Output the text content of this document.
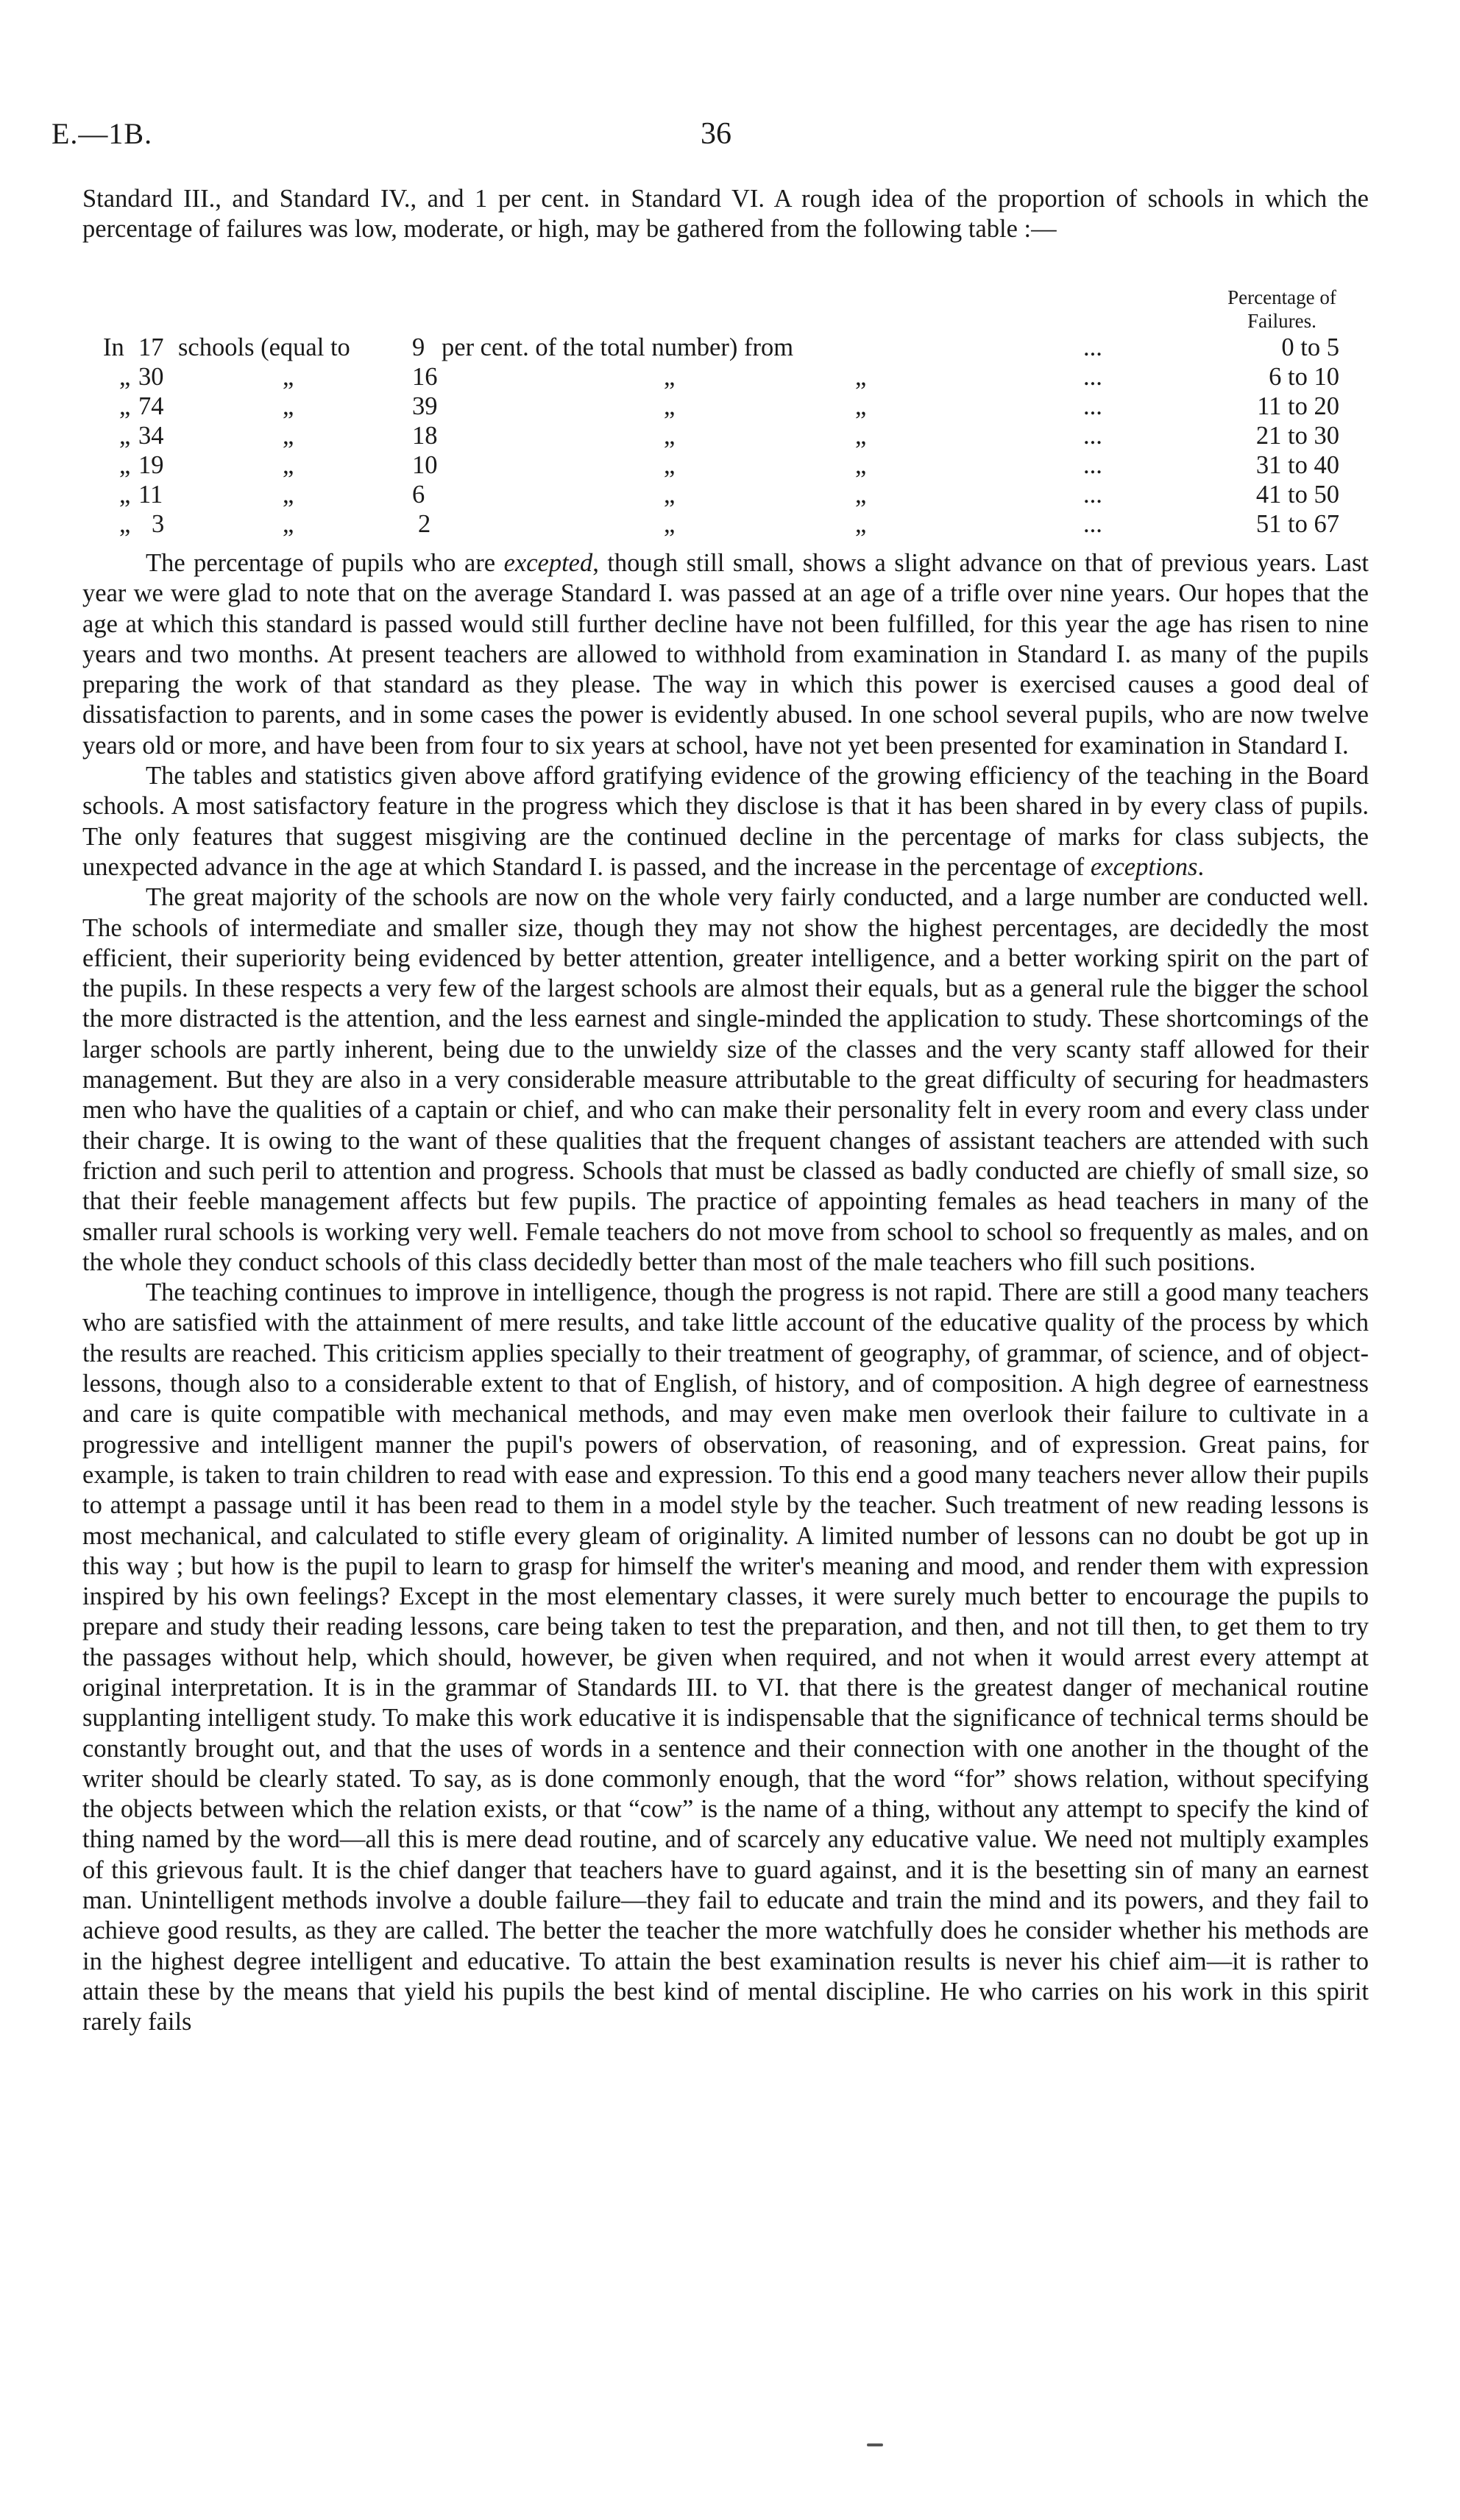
E.—1B.	36

Standard III., and Standard IV., and 1 per cent. in Standard VI. A rough idea of the proportion of schools in which the percentage of failures was low, moderate, or high, may be gathered from the following table :—

Percentage of Failures.
In 17 schools (equal to 9 per cent. of the total number) from	...	0 to 5
„ 30	„	16	„	„	...	6 to 10
„ 74	„	39	„	„	...	11 to 20
„ 34	„	18	„	„	...	21 to 30
„ 19	„	10	„	„	...	31 to 40
„ 11	„	6	„	„	...	41 to 50
„ 3	„	2	„	„	...	51 to 67

The percentage of pupils who are excepted, though still small, shows a slight advance on that of previous years. Last year we were glad to note that on the average Standard I. was passed at an age of a trifle over nine years. Our hopes that the age at which this standard is passed would still further decline have not been fulfilled, for this year the age has risen to nine years and two months. At present teachers are allowed to withhold from examination in Standard I. as many of the pupils preparing the work of that standard as they please. The way in which this power is exercised causes a good deal of dissatisfaction to parents, and in some cases the power is evidently abused. In one school several pupils, who are now twelve years old or more, and have been from four to six years at school, have not yet been presented for examination in Standard I.

The tables and statistics given above afford gratifying evidence of the growing efficiency of the teaching in the Board schools. A most satisfactory feature in the progress which they disclose is that it has been shared in by every class of pupils. The only features that suggest misgiving are the continued decline in the percentage of marks for class subjects, the unexpected advance in the age at which Standard I. is passed, and the increase in the percentage of exceptions.

The great majority of the schools are now on the whole very fairly conducted, and a large number are conducted well. The schools of intermediate and smaller size, though they may not show the highest percentages, are decidedly the most efficient, their superiority being evidenced by better attention, greater intelligence, and a better working spirit on the part of the pupils. In these respects a very few of the largest schools are almost their equals, but as a general rule the bigger the school the more distracted is the attention, and the less earnest and single-minded the application to study. These shortcomings of the larger schools are partly inherent, being due to the unwieldy size of the classes and the very scanty staff allowed for their management. But they are also in a very considerable measure attributable to the great difficulty of securing for headmasters men who have the qualities of a captain or chief, and who can make their personality felt in every room and every class under their charge. It is owing to the want of these qualities that the frequent changes of assistant teachers are attended with such friction and such peril to attention and progress. Schools that must be classed as badly conducted are chiefly of small size, so that their feeble management affects but few pupils. The practice of appointing females as head teachers in many of the smaller rural schools is working very well. Female teachers do not move from school to school so frequently as males, and on the whole they conduct schools of this class decidedly better than most of the male teachers who fill such positions.

The teaching continues to improve in intelligence, though the progress is not rapid. There are still a good many teachers who are satisfied with the attainment of mere results, and take little account of the educative quality of the process by which the results are reached. This criticism applies specially to their treatment of geography, of grammar, of science, and of object-lessons, though also to a considerable extent to that of English, of history, and of composition. A high degree of earnestness and care is quite compatible with mechanical methods, and may even make men overlook their failure to cultivate in a progressive and intelligent manner the pupil's powers of observation, of reasoning, and of expression. Great pains, for example, is taken to train children to read with ease and expression. To this end a good many teachers never allow their pupils to attempt a passage until it has been read to them in a model style by the teacher. Such treatment of new reading lessons is most mechanical, and calculated to stifle every gleam of originality. A limited number of lessons can no doubt be got up in this way ; but how is the pupil to learn to grasp for himself the writer's meaning and mood, and render them with expression inspired by his own feelings? Except in the most elementary classes, it were surely much better to encourage the pupils to prepare and study their reading lessons, care being taken to test the preparation, and then, and not till then, to get them to try the passages without help, which should, however, be given when required, and not when it would arrest every attempt at original interpretation. It is in the grammar of Standards III. to VI. that there is the greatest danger of mechanical routine supplanting intelligent study. To make this work educative it is indispensable that the significance of technical terms should be constantly brought out, and that the uses of words in a sentence and their connection with one another in the thought of the writer should be clearly stated. To say, as is done commonly enough, that the word “for” shows relation, without specifying the objects between which the relation exists, or that “cow” is the name of a thing, without any attempt to specify the kind of thing named by the word—all this is mere dead routine, and of scarcely any educative value. We need not multiply examples of this grievous fault. It is the chief danger that teachers have to guard against, and it is the besetting sin of many an earnest man. Unintelligent methods involve a double failure—they fail to educate and train the mind and its powers, and they fail to achieve good results, as they are called. The better the teacher the more watchfully does he consider whether his methods are in the highest degree intelligent and educative. To attain the best examination results is never his chief aim—it is rather to attain these by the means that yield his pupils the best kind of mental discipline. He who carries on his work in this spirit rarely fails
